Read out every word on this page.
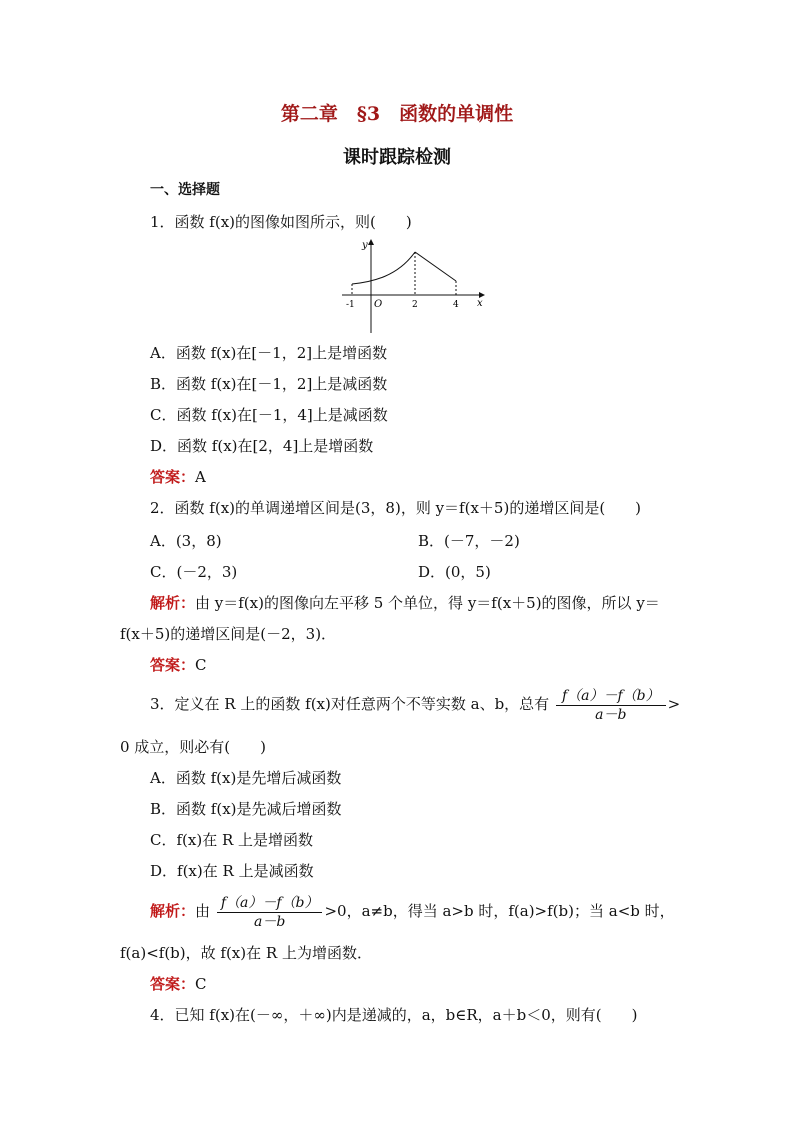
第二章　§3　函数的单调性
课时跟踪检测
一、选择题
1．函数 f(x)的图像如图所示，则(　　)
y
x
O
-1	2	4
A．函数 f(x)在[－1，2]上是增函数
B．函数 f(x)在[－1，2]上是减函数
C．函数 f(x)在[－1，4]上是减函数
D．函数 f(x)在[2，4]上是增函数
答案：A
2．函数 f(x)的单调递增区间是(3，8)，则 y＝f(x＋5)的递增区间是(　　)
A．(3，8)	B．(－7，－2)
C．(－2，3)	D．(0，5)
解析：由 y＝f(x)的图像向左平移 5 个单位，得 y＝f(x＋5)的图像，所以 y＝
f(x＋5)的递增区间是(－2，3)．
答案：C
3．定义在 R 上的函数 f(x)对任意两个不等实数 a、b，总有 $\frac{f(a)-f(b)}{a-b}$ >
0 成立，则必有(　　)
A．函数 f(x)是先增后减函数
B．函数 f(x)是先减后增函数
C．f(x)在 R 上是增函数
D．f(x)在 R 上是减函数
解析：由 $\frac{f(a)-f(b)}{a-b} >0$，a≠b，得当 a>b 时，f(a)>f(b)；当 a<b 时，
f(a)<f(b)，故 f(x)在 R 上为增函数．
答案：C
4．已知 f(x)在(－∞，＋∞)内是递减的，a，b∈R，a＋b＜0，则有(　　)
